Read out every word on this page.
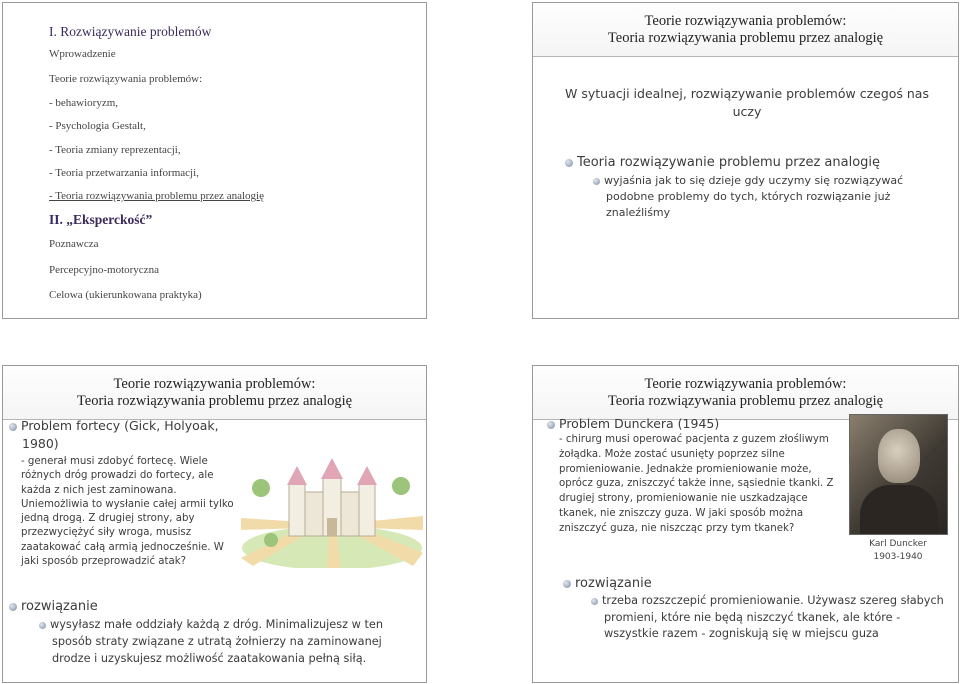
I. Rozwiązywanie problemów
Wprowadzenie
Teorie rozwiązywania problemów:
- behawioryzm,
- Psychologia Gestalt,
- Teoria zmiany reprezentacji,
- Teoria przetwarzania informacji,
- Teoria rozwiązywania problemu przez analogię
II. „Eksperckość”
Poznawcza
Percepcyjno-motoryczna
Celowa (ukierunkowana praktyka)
Teorie rozwiązywania problemów:
Teoria rozwiązywania problemu przez analogię
W sytuacji idealnej, rozwiązywanie problemów czegoś nas uczy
Teoria rozwiązywanie problemu przez analogię
wyjaśnia jak to się dzieje gdy uczymy się rozwiązywać podobne problemy do tych, których rozwiązanie już znaleźliśmy
Teorie rozwiązywania problemów:
Teoria rozwiązywania problemu przez analogię
Problem fortecy (Gick, Holyoak, 1980)
- generał musi zdobyć fortecę. Wiele różnych dróg prowadzi do fortecy, ale każda z nich jest zaminowana. Uniemożliwia to wysłanie całej armii tylko jedną drogą. Z drugiej strony, aby przezwyciężyć siły wroga, musisz zaatakować całą armią jednocześnie. W jaki sposób przeprowadzić atak?
rozwiązanie
wysyłasz małe oddziały każdą z dróg. Minimalizujesz w ten sposób straty związane z utratą żołnierzy na zaminowanej drodze i uzyskujesz możliwość zaatakowania pełną siłą.
Teorie rozwiązywania problemów:
Teoria rozwiązywania problemu przez analogię
Problem Dunckera (1945)
- chirurg musi operować pacjenta z guzem złośliwym żołądka. Może zostać usunięty poprzez silne promieniowanie. Jednakże promieniowanie może, oprócz guza, zniszczyć także inne, sąsiednie tkanki. Z drugiej strony, promieniowanie nie uszkadzające tkanek, nie zniszczy guza. W jaki sposób można zniszczyć guza, nie niszcząc przy tym tkanek?
Karl Duncker
1903-1940
rozwiązanie
trzeba rozszczepić promieniowanie. Używasz szereg słabych promieni, które nie będą niszczyć tkanek, ale które - wszystkie razem - zogniskują się w miejscu guza
